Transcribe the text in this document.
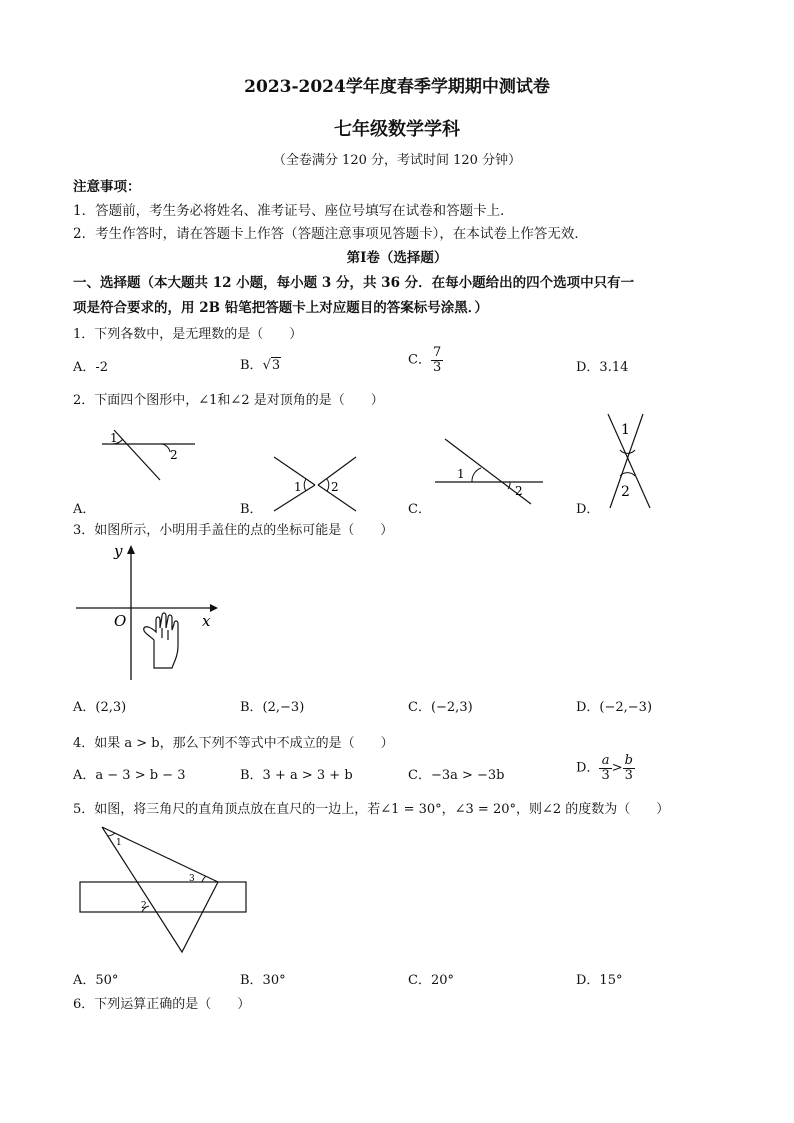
2023-2024学年度春季学期期中测试卷
七年级数学学科
（全卷满分 120 分，考试时间 120 分钟）
注意事项：
1．答题前，考生务必将姓名、准考证号、座位号填写在试卷和答题卡上．
2．考生作答时，请在答题卡上作答（答题注意事项见答题卡），在本试卷上作答无效．
第Ⅰ卷（选择题）
一、选择题（本大题共 12 小题，每小题 3 分，共 36 分．在每小题给出的四个选项中只有一
项是符合要求的，用 2B 铅笔把答题卡上对应题目的答案标号涂黑．）
1．下列各数中，是无理数的是（　　）
A．-2	B．√3	C． $\frac{7}{3}$	D．3.14
2．下面四个图形中，∠1和∠2 是对顶角的是（　　）
1
2
A．
1 2
B．
1
2
C．
1
2
D．
3．如图所示，小明用手盖住的点的坐标可能是（　　）
y
x
O
A．(2,3)	B．(2,−3)	C．(−2,3)	D．(−2,−3)
4．如果 a > b，那么下列不等式中不成立的是（　　）
A．a − 3 > b − 3	B．3 + a > 3 + b	C．−3a > −3b	D． $\frac{a}{3} > \frac{b}{3}$
5．如图，将三角尺的直角顶点放在直尺的一边上，若∠1 = 30°，∠3 = 20°，则∠2 的度数为（　　）
1
3
2
A．50°	B．30°	C．20°	D．15°
6．下列运算正确的是（　　）
